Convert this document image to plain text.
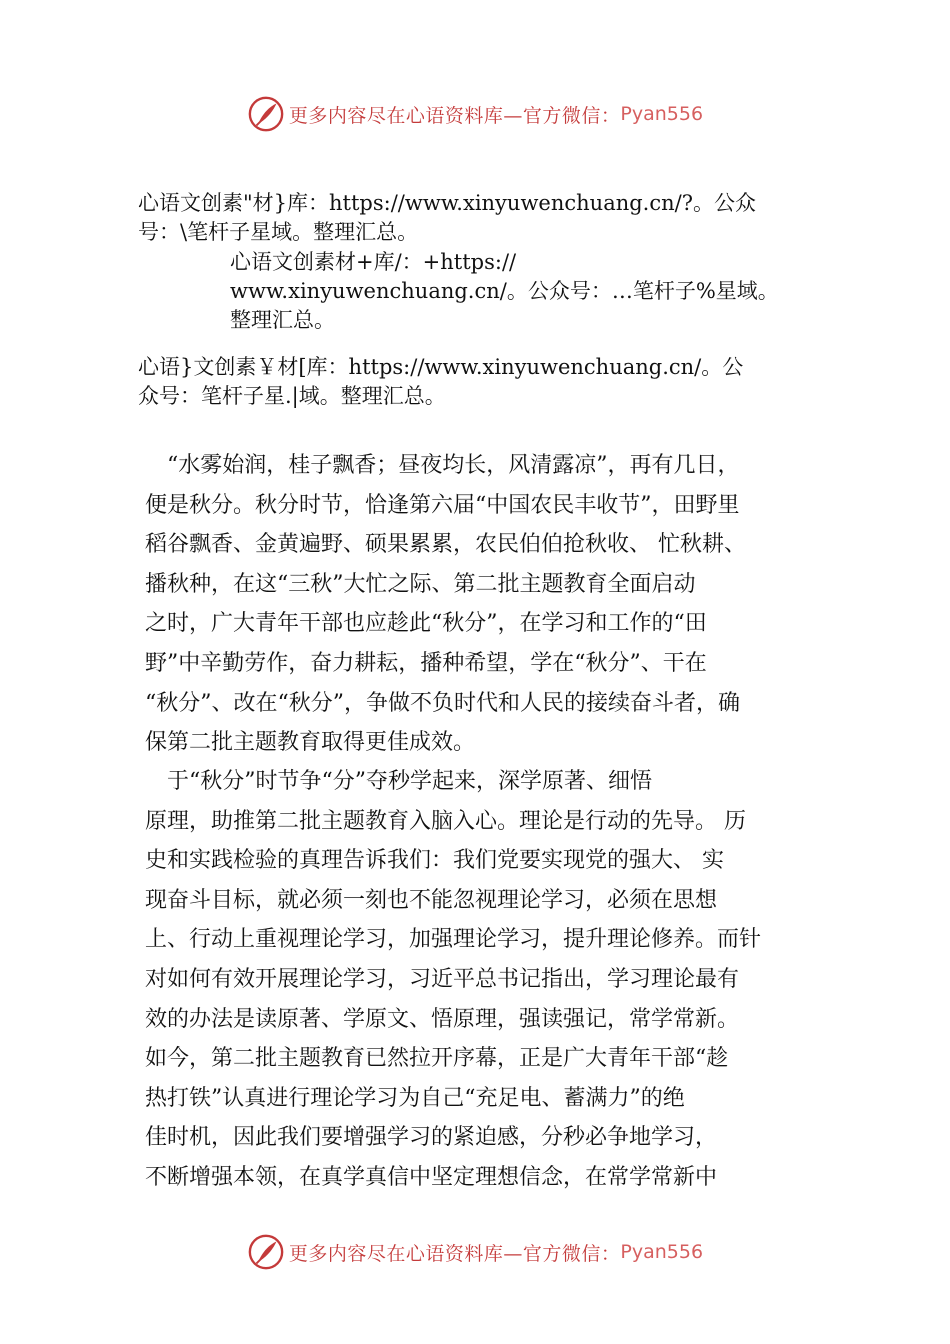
更多内容尽在心语资料库—官方微信： Pyan556
心语文创素"材}库：https://www.xinyuwenchuang.cn/?。公众
号：\笔杆子星域。整理汇总。
心语文创素材+库/：+https://
www.xinyuwenchuang.cn/。公众号：…笔杆子%星域。
整理汇总。
心语}文创素￥材[库：https://www.xinyuwenchuang.cn/。公
众号：笔杆子星.|域。整理汇总。
　“水雾始润，桂子飘香；昼夜均长，风清露凉”，再有几日，
便是秋分。秋分时节，恰逢第六届“中国农民丰收节”，田野里
稻谷飘香、金黄遍野、硕果累累，农民伯伯抢秋收、 忙秋耕、
播秋种，在这“三秋”大忙之际、第二批主题教育全面启动
之时，广大青年干部也应趁此“秋分”，在学习和工作的“田
野”中辛勤劳作，奋力耕耘，播种希望，学在“秋分”、干在
“秋分”、改在“秋分”，争做不负时代和人民的接续奋斗者，确
保第二批主题教育取得更佳成效。
　于“秋分”时节争“分”夺秒学起来，深学原著、细悟
原理，助推第二批主题教育入脑入心。理论是行动的先导。 历
史和实践检验的真理告诉我们：我们党要实现党的强大、 实
现奋斗目标，就必须一刻也不能忽视理论学习，必须在思想
上、行动上重视理论学习，加强理论学习，提升理论修养。而针
对如何有效开展理论学习，习近平总书记指出，学习理论最有
效的办法是读原著、学原文、悟原理，强读强记，常学常新。
如今，第二批主题教育已然拉开序幕，正是广大青年干部“趁
热打铁”认真进行理论学习为自己“充足电、蓄满力”的绝
佳时机，因此我们要增强学习的紧迫感，分秒必争地学习，
不断增强本领，在真学真信中坚定理想信念，在常学常新中
更多内容尽在心语资料库—官方微信： Pyan556
